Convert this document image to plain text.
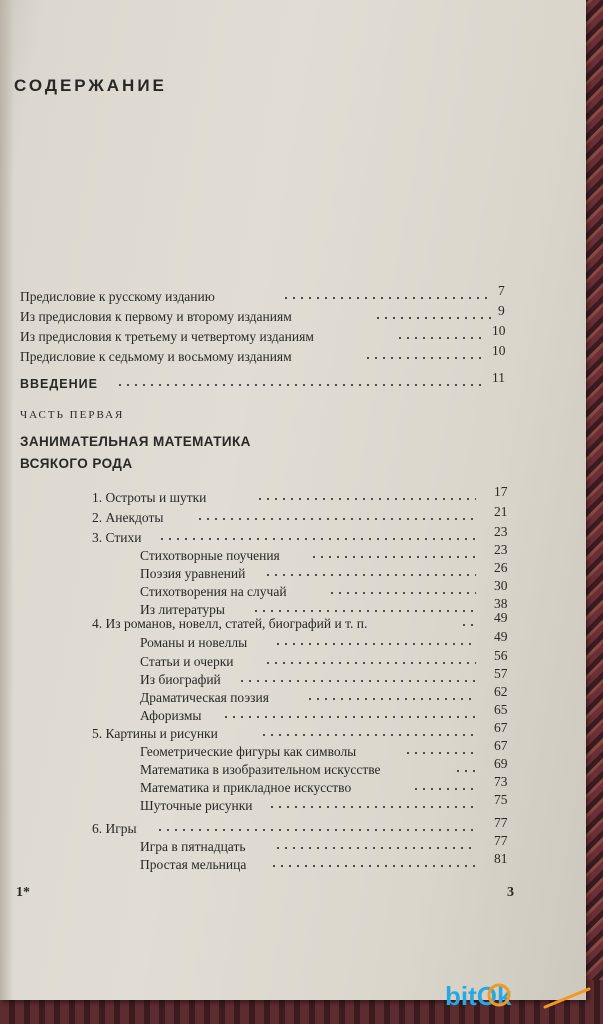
СОДЕРЖАНИЕ
Предисловие к русскому изданию	7
Из предисловия к первому и второму изданиям	9
Из предисловия к третьему и четвертому изданиям	10
Предисловие к седьмому и восьмому изданиям	10
ВВЕДЕНИЕ	11
ЧАСТЬ ПЕРВАЯ
ЗАНИМАТЕЛЬНАЯ МАТЕМАТИКА
ВСЯКОГО РОДА
1. Остроты и шутки	17
2. Анекдоты	21
3. Стихи	23
Стихотворные поучения	23
Поэзия уравнений	26
Стихотворения на случай	30
Из литературы	38
4. Из романов, новелл, статей, биографий и т. п.	49
Романы и новеллы	49
Статьи и очерки	56
Из биографий	57
Драматическая поэзия	62
Афоризмы	65
5. Картины и рисунки	67
Геометрические фигуры как символы	67
Математика в изобразительном искусстве	69
Математика и прикладное искусство	73
Шуточные рисунки	75
6. Игры	77
Игра в пятнадцать	77
Простая мельница	81
1*	3
bitOk
